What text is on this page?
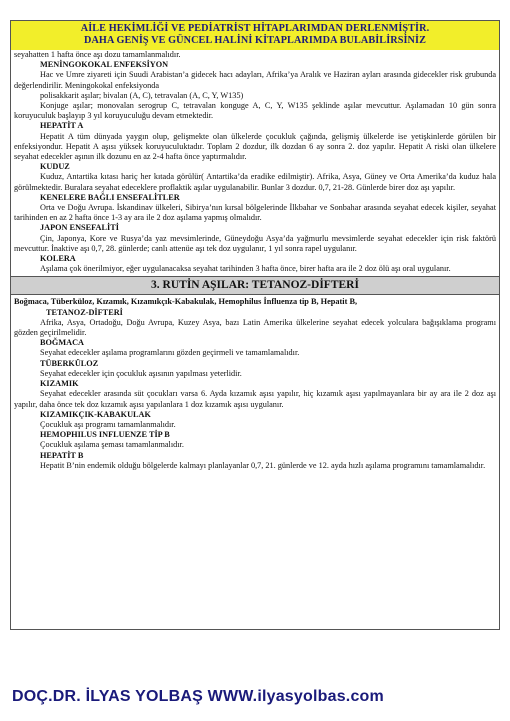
AİLE HEKİMLİĞİ VE PEDİATRİST HİTAPLARIMDAN DERLENMİŞTİR.
DAHA GENİŞ VE GÜNCEL HALİNİ KİTAPLARIMDA BULABİLİRSİNİZ

seyahatten 1 hafta önce aşı dozu tamamlanmalıdır.

MENİNGOKOKAL ENFEKSİYON

Hac ve Umre ziyareti için Suudi Arabistan’a gidecek hacı adayları, Afrika’ya Aralık ve Haziran ayları arasında gidecekler risk grubunda değerlendirilir. Meningokokal enfeksiyonda

polisakkarit aşılar; bivalan (A, C), tetravalan (A, C, Y, W135)

Konjuge aşılar; monovalan serogrup C, tetravalan konguge A, C, Y, W135 şeklinde aşılar mevcuttur. Aşılamadan 10 gün sonra koruyuculuk başlayıp 3 yıl koruyuculuğu devam etmektedir.

HEPATİT A

Hepatit A tüm dünyada yaygın olup, gelişmekte olan ülkelerde çocukluk çağında, gelişmiş ülkelerde ise yetişkinlerde görülen bir enfeksiyondur. Hepatit A aşısı yüksek koruyuculuktadır. Toplam 2 dozdur, ilk dozdan 6 ay sonra 2. doz yapılır. Hepatit A riski olan ülkelere seyahat edecekler aşının ilk dozunu en az 2-4 hafta önce yaptırmalıdır.

KUDUZ

Kuduz, Antartika kıtası hariç her kıtada görülür( Antartika’da eradike edilmiştir). Afrika, Asya, Güney ve Orta Amerika’da kuduz hala görülmektedir. Buralara seyahat edeceklere proflaktik aşılar uygulanabilir. Bunlar 3 dozdur. 0,7, 21-28. Günlerde birer doz aşı yapılır.

KENELERE BAĞLI ENSEFALİTLER

Orta ve Doğu Avrupa. İskandinav ülkeleri, Sibirya’nın kırsal bölgelerinde İlkbahar ve Sonbahar arasında seyahat edecek kişiler, seyahat tarihinden en az 2 hafta önce 1-3 ay ara ile 2 doz aşılama yapmış olmalıdır.

JAPON ENSEFALİTİ

Çin, Japonya, Kore ve Rusya’da yaz mevsimlerinde, Güneydoğu Asya’da yağmurlu mevsimlerde seyahat edecekler için risk faktörü mevcuttur. İnaktive aşı 0,7, 28. günlerde; canlı attenüe aşı tek doz uygulanır, 1 yıl sonra rapel uygulanır.

KOLERA

Aşılama çok önerilmiyor, eğer uygulanacaksa seyahat tarihinden 3 hafta önce, birer hafta ara ile 2 doz ölü aşı oral uygulanır.

3. RUTİN AŞILAR: TETANOZ-DİFTERİ

Boğmaca, Tüberküloz, Kızamık, Kızamıkçık-Kabakulak, Hemophilus İnfluenza tip B, Hepatit B,

TETANOZ-DİFTERİ

Afrika, Asya, Ortadoğu, Doğu Avrupa, Kuzey Asya, bazı Latin Amerika ülkelerine seyahat edecek yolculara bağışıklama programı gözden geçirilmelidir.

BOĞMACA

Seyahat edecekler aşılama programlarını gözden geçirmeli ve tamamlamalıdır.

TÜBERKÜLOZ

Seyahat edecekler için çocukluk aşısının yapılması yeterlidir.

KIZAMIK

Seyahat edecekler arasında süt çocukları varsa 6. Ayda kızamık aşısı yapılır, hiç kızamık aşısı yapılmayanlara bir ay ara ile 2 doz aşı yapılır, daha önce tek doz kızamık aşısı yapılanlara 1 doz kızamık aşısı uygulanır.

KIZAMIKÇIK-KABAKULAK

Çocukluk aşı programı tamamlanmalıdır.

HEMOPHILUS INFLUENZE TİP B

Çocukluk aşılama şeması tamamlanmalıdır.

HEPATİT B

Hepatit B’nin endemik olduğu bölgelerde kalmayı planlayanlar 0,7, 21. günlerde ve 12. ayda hızlı aşılama programını tamamlamalıdır.

DOÇ.DR. İLYAS YOLBAŞ WWW.ilyasyolbas.com
